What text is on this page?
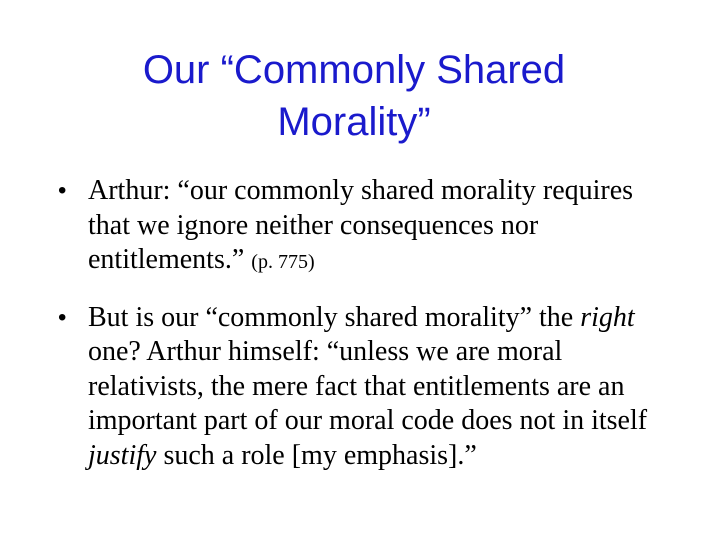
Our “Commonly Shared
Morality”
• Arthur: “our commonly shared morality requires that we ignore neither consequences nor entitlements.” (p. 775)
• But is our “commonly shared morality” the right one? Arthur himself: “unless we are moral relativists, the mere fact that entitlements are an important part of our moral code does not in itself justify such a role [my emphasis].”
